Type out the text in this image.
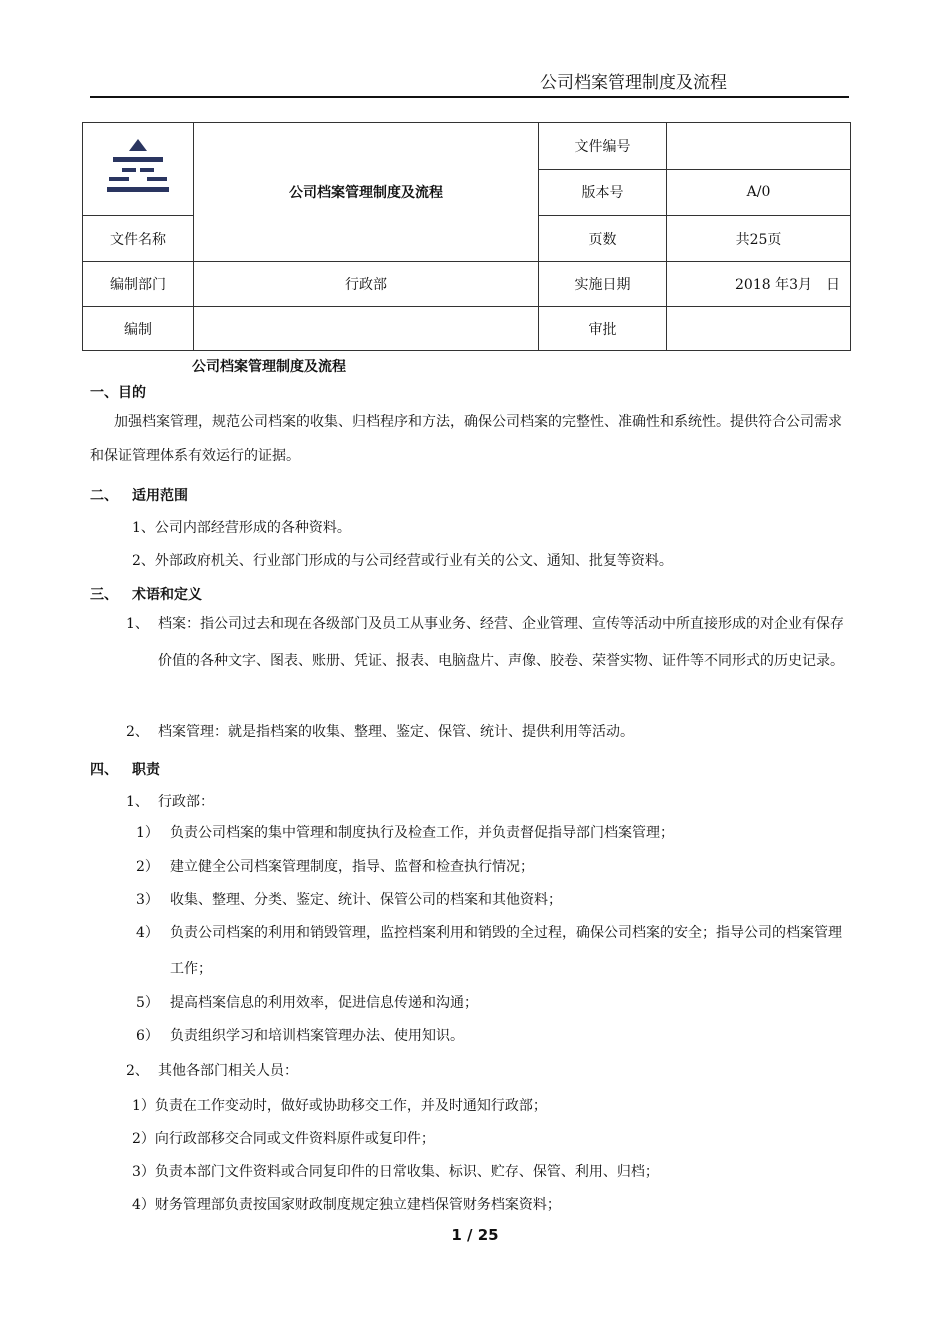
公司档案管理制度及流程
	公司档案管理制度及流程	文件编号	
		版本号	A/0
文件名称		页数	共25页
编制部门	行政部	实施日期	2018 年3月　日
编制		审批	
公司档案管理制度及流程
一、目的
加强档案管理，规范公司档案的收集、归档程序和方法，确保公司档案的完整性、准确性和系统性。提供符合公司需求和保证管理体系有效运行的证据。
二、 适用范围
1、公司内部经营形成的各种资料。
2、外部政府机关、行业部门形成的与公司经营或行业有关的公文、通知、批复等资料。
三、 术语和定义
1、 档案：指公司过去和现在各级部门及员工从事业务、经营、企业管理、宣传等活动中所直接形成的对企业有保存价值的各种文字、图表、账册、凭证、报表、电脑盘片、声像、胶卷、荣誉实物、证件等不同形式的历史记录。
2、 档案管理：就是指档案的收集、整理、鉴定、保管、统计、提供利用等活动。
四、 职责
1、 行政部：
1） 负责公司档案的集中管理和制度执行及检查工作，并负责督促指导部门档案管理；
2） 建立健全公司档案管理制度，指导、监督和检查执行情况；
3） 收集、整理、分类、鉴定、统计、保管公司的档案和其他资料；
4） 负责公司档案的利用和销毁管理，监控档案利用和销毁的全过程，确保公司档案的安全；指导公司的档案管理工作；
5） 提高档案信息的利用效率，促进信息传递和沟通；
6） 负责组织学习和培训档案管理办法、使用知识。
2、 其他各部门相关人员：
1）负责在工作变动时，做好或协助移交工作，并及时通知行政部；
2）向行政部移交合同或文件资料原件或复印件；
3）负责本部门文件资料或合同复印件的日常收集、标识、贮存、保管、利用、归档；
4）财务管理部负责按国家财政制度规定独立建档保管财务档案资料；
1 / 25
